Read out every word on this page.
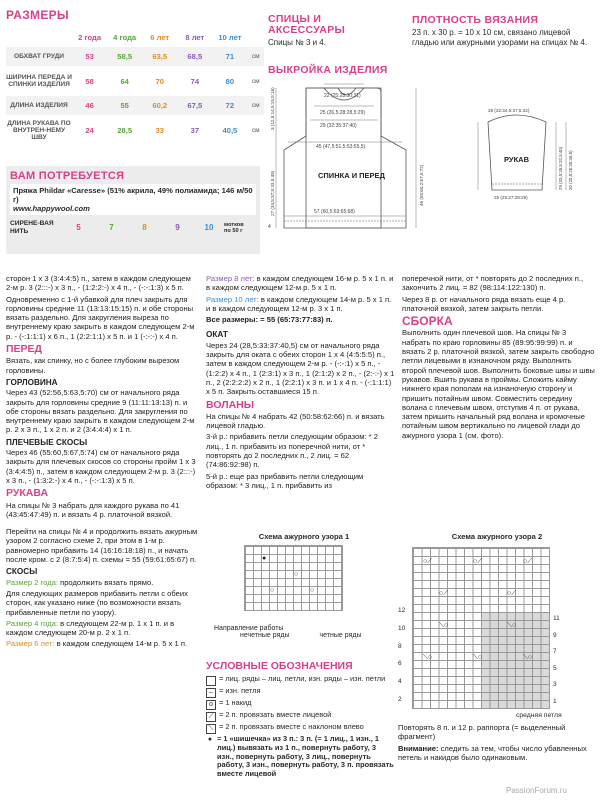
РАЗМЕРЫ
	2 года	4 года	6 лет	8 лет	10 лет	
ОБХВАТ ГРУДИ	53	58,5	63,5	68,5	71	см
ШИРИНА ПЕРЕДА И СПИНКИ ИЗДЕЛИЯ	58	64	70	74	80	см
ДЛИНА ИЗДЕЛИЯ	46	55	60,2	67,5	72	см
ДЛИНА РУКАВА ПО ВНУТРЕН-НЕМУ ШВУ	24	28,5	33	37	40,5	см
ВАМ ПОТРЕБУЕТСЯ
Пряжа Phildar «Caresse» (51% акрила, 49% полиамида; 146 м/50 г)
www.happywool.com
СИРЕНЕ-ВАЯ НИТЬ	5	7	8	9	10	мотков по 50 г
СПИЦЫ И АКСЕССУАРЫ
Спицы № 3 и 4.
ПЛОТНОСТЬ ВЯЗАНИЯ
23 п. x 30 р. = 10 x 10 см, связано лицевой гладью или ажурными узорами на спицах № 4.
ВЫКРОЙКА ИЗДЕЛИЯ
СПИНКА И ПЕРЕД
РУКАВ
22 (25:28:30:31)
25 (26,5:28:28,5:29)
29 (32:35:37:40)
45 (47,5:51,5:53:55,5)
57 (60,5:63:65:68)
3 (12,5:14,5:15,5:16)
27 (34,5:37,5:43,5:49)
4
46 (55:60,2:67,5:72)
28 (32:34,5:37,5:42)
25 (25:27:29:29)
29 (33,5:35,5:32,5:40) 20 (20,5:26:35:36,5)

сторон 1 x 3 (3:4:4:5) п., затем в каждом следующем 2-м р. 3 (2:::-) x 3 п., - (1:2:2:-) x 4 п., - (-:-:1:3) x 5 п.

Одновременно с 1-й убавкой для плеч закрыть для горловины средние 11 (13:13:15:15) п. и обе стороны вязать раздельно. Для закругления выреза по внутреннему краю закрыть в каждом следующем 2-м р. - (-:1:1:1) x 6 п., 1 (2:2:1:1) x 5 п. и 1 (-:-:-) x 4 п.

ПЕРЕД

Вязать, как спинку, но с более глубоким вырезом горловины.

ГОРЛОВИНА

Через 43 (52:56,5:63,5:70) см от начального ряда закрыть для горловины средние 9 (11:11:13:13) п. и обе стороны вязать раздельно. Для закругления по внутреннему краю закрыть в каждом следующем 2-м р. 2 x 3 п., 1 x 2 п. и 2 (3:4:4:4) x 1 п.

ПЛЕЧЕВЫЕ СКОСЫ

Через 46 (55:60,5:67,5:74) см от начального ряда закрыть для плечевых скосов со стороны пройм 1 x 3 (3:4:4:5) п., затем в каждом следующем 2-м р. 3 (2:::-) x 3 п., - (1:3:2:-) x 4 п., - (-:-:1:3) x 5 п.

РУКАВА

На спицы № 3 набрать для каждого рукава по 41 (43:45:47:49) п. и вязать 4 р. платочной вязкой.

Перейти на спицы № 4 и продолжить вязать ажурным узором 2 согласно схеме 2, при этом в 1-м р. равномерно прибавить 14 (16:16:18:18) п., и начать после кром. с 2 (8:7:5:4) п. схемы = 55 (59:61:65:67) п.

СКОСЫ

Размер 2 года: продолжить вязать прямо.

Для следующих размеров прибавить петли с обеих сторон, как указано ниже (по возможности вязать прибавленные петли по узору).

Размер 4 года: в следующем 22-м р. 1 x 1 п. и в каждом следующем 20-м р. 2 x 1 п.

Размер 6 лет: в каждом следующем 14-м р. 5 x 1 п.

Размер 8 лет: в каждом следующем 16-м р. 5 x 1 п. и в каждом следующем 12-м р. 5 x 1 п.

Размер 10 лет: в каждом следующем 14-м р. 5 x 1 п. и в каждом следующем 12-м р. 3 x 1 п.

Все размеры: = 55 (65:73:77:83) п.

ОКАТ

Через 24 (28,5:33:37:40,5) см от начального ряда закрыть для оката с обеих сторон 1 x 4 (4:5:5:5) п., затем в каждом следующем 2-м р. - (-:-:1) x 5 п., - (1:2:2) x 4 п., 1 (2:3:1) x 3 п., 1 (2:1:2) x 2 п., - (2:-:-) x 1 п., 2 (2:2:2:2) x 2 п., 1 (2:2:1) x 3 п. и 1 x 4 п. - (-:1:1:1) x 5 п. Закрыть оставшиеся 15 п.

ВОЛАНЫ

На спицы № 4 набрать 42 (50:58:62:66) п. и вязать лицевой гладью.

3-й р.: прибавить петли следующим образом: * 2 лиц., 1 п. прибавить из поперечной нити, от * повторять до 2 последних п., 2 лиц. = 62 (74:86:92:98) п.

5-й р.: еще раз прибавить петли следующим образом: * 3 лиц., 1 п. прибавить из

Схема ажурного узора 1
●
○
○	○
Направление работы
нечетные ряды	четные ряды
УСЛОВНЫЕ ОБОЗНАЧЕНИЯ
= лиц. ряды – лиц. петли, изн. ряды – изн. петли
– = изн. петля
o = 1 накид
⟋ = 2 п. провязать вместе лицевой
⟍ = 2 п. провязать вместе с наклоном влево
● = 1 «шишечка» из 3 п.: 3 п. (= 1 лиц., 1 изн., 1 лиц.) вывязать из 1 п., повернуть работу, 3 изн., повернуть работу, 3 лиц., повернуть работу, 3 изн., повернуть работу, 3 п. провязать вместе лицевой

поперечной нити, от * повторять до 2 последних п., закончить 2 лиц. = 82 (98:114:122:130) п.

Через 8 р. от начального ряда вязать еще 4 р. платочной вязкой, затем закрыть петли.

СБОРКА

Выполнить один плечевой шов. На спицы № 3 набрать по краю горловины 85 (89:95:99:99) п. и вязать 2 р. платочной вязкой, затем закрыть свободно петли лицевыми в изнаночном ряду. Выполнить второй плечевой шов. Выполнить боковые швы и швы рукавов. Вшить рукава в проймы. Сложить кайму нижнего края пополам на изнаночную сторону и пришить потайным швом. Совместить середину волана с плечевым швом, отступив 4 п. от рукава, затем пришить начальный ряд волана и кромочные потайным швом вертикально по лицевой глади до ажурного узора 1 (см. фото).

Схема ажурного узора 2
12
10
8
6
4
2
○⟋	○⟋	○⟋
○⟋	○⟋
⟍○	⟍○
⟍○	⟍○	⟍○
11
9
7
5
3
1
средняя петля

Повторять 8 п. и 12 р. раппорта (= выделенный фрагмент)

Внимание: следить за тем, чтобы число убавленных петель и накидов было одинаковым.

PassionForum.ru
